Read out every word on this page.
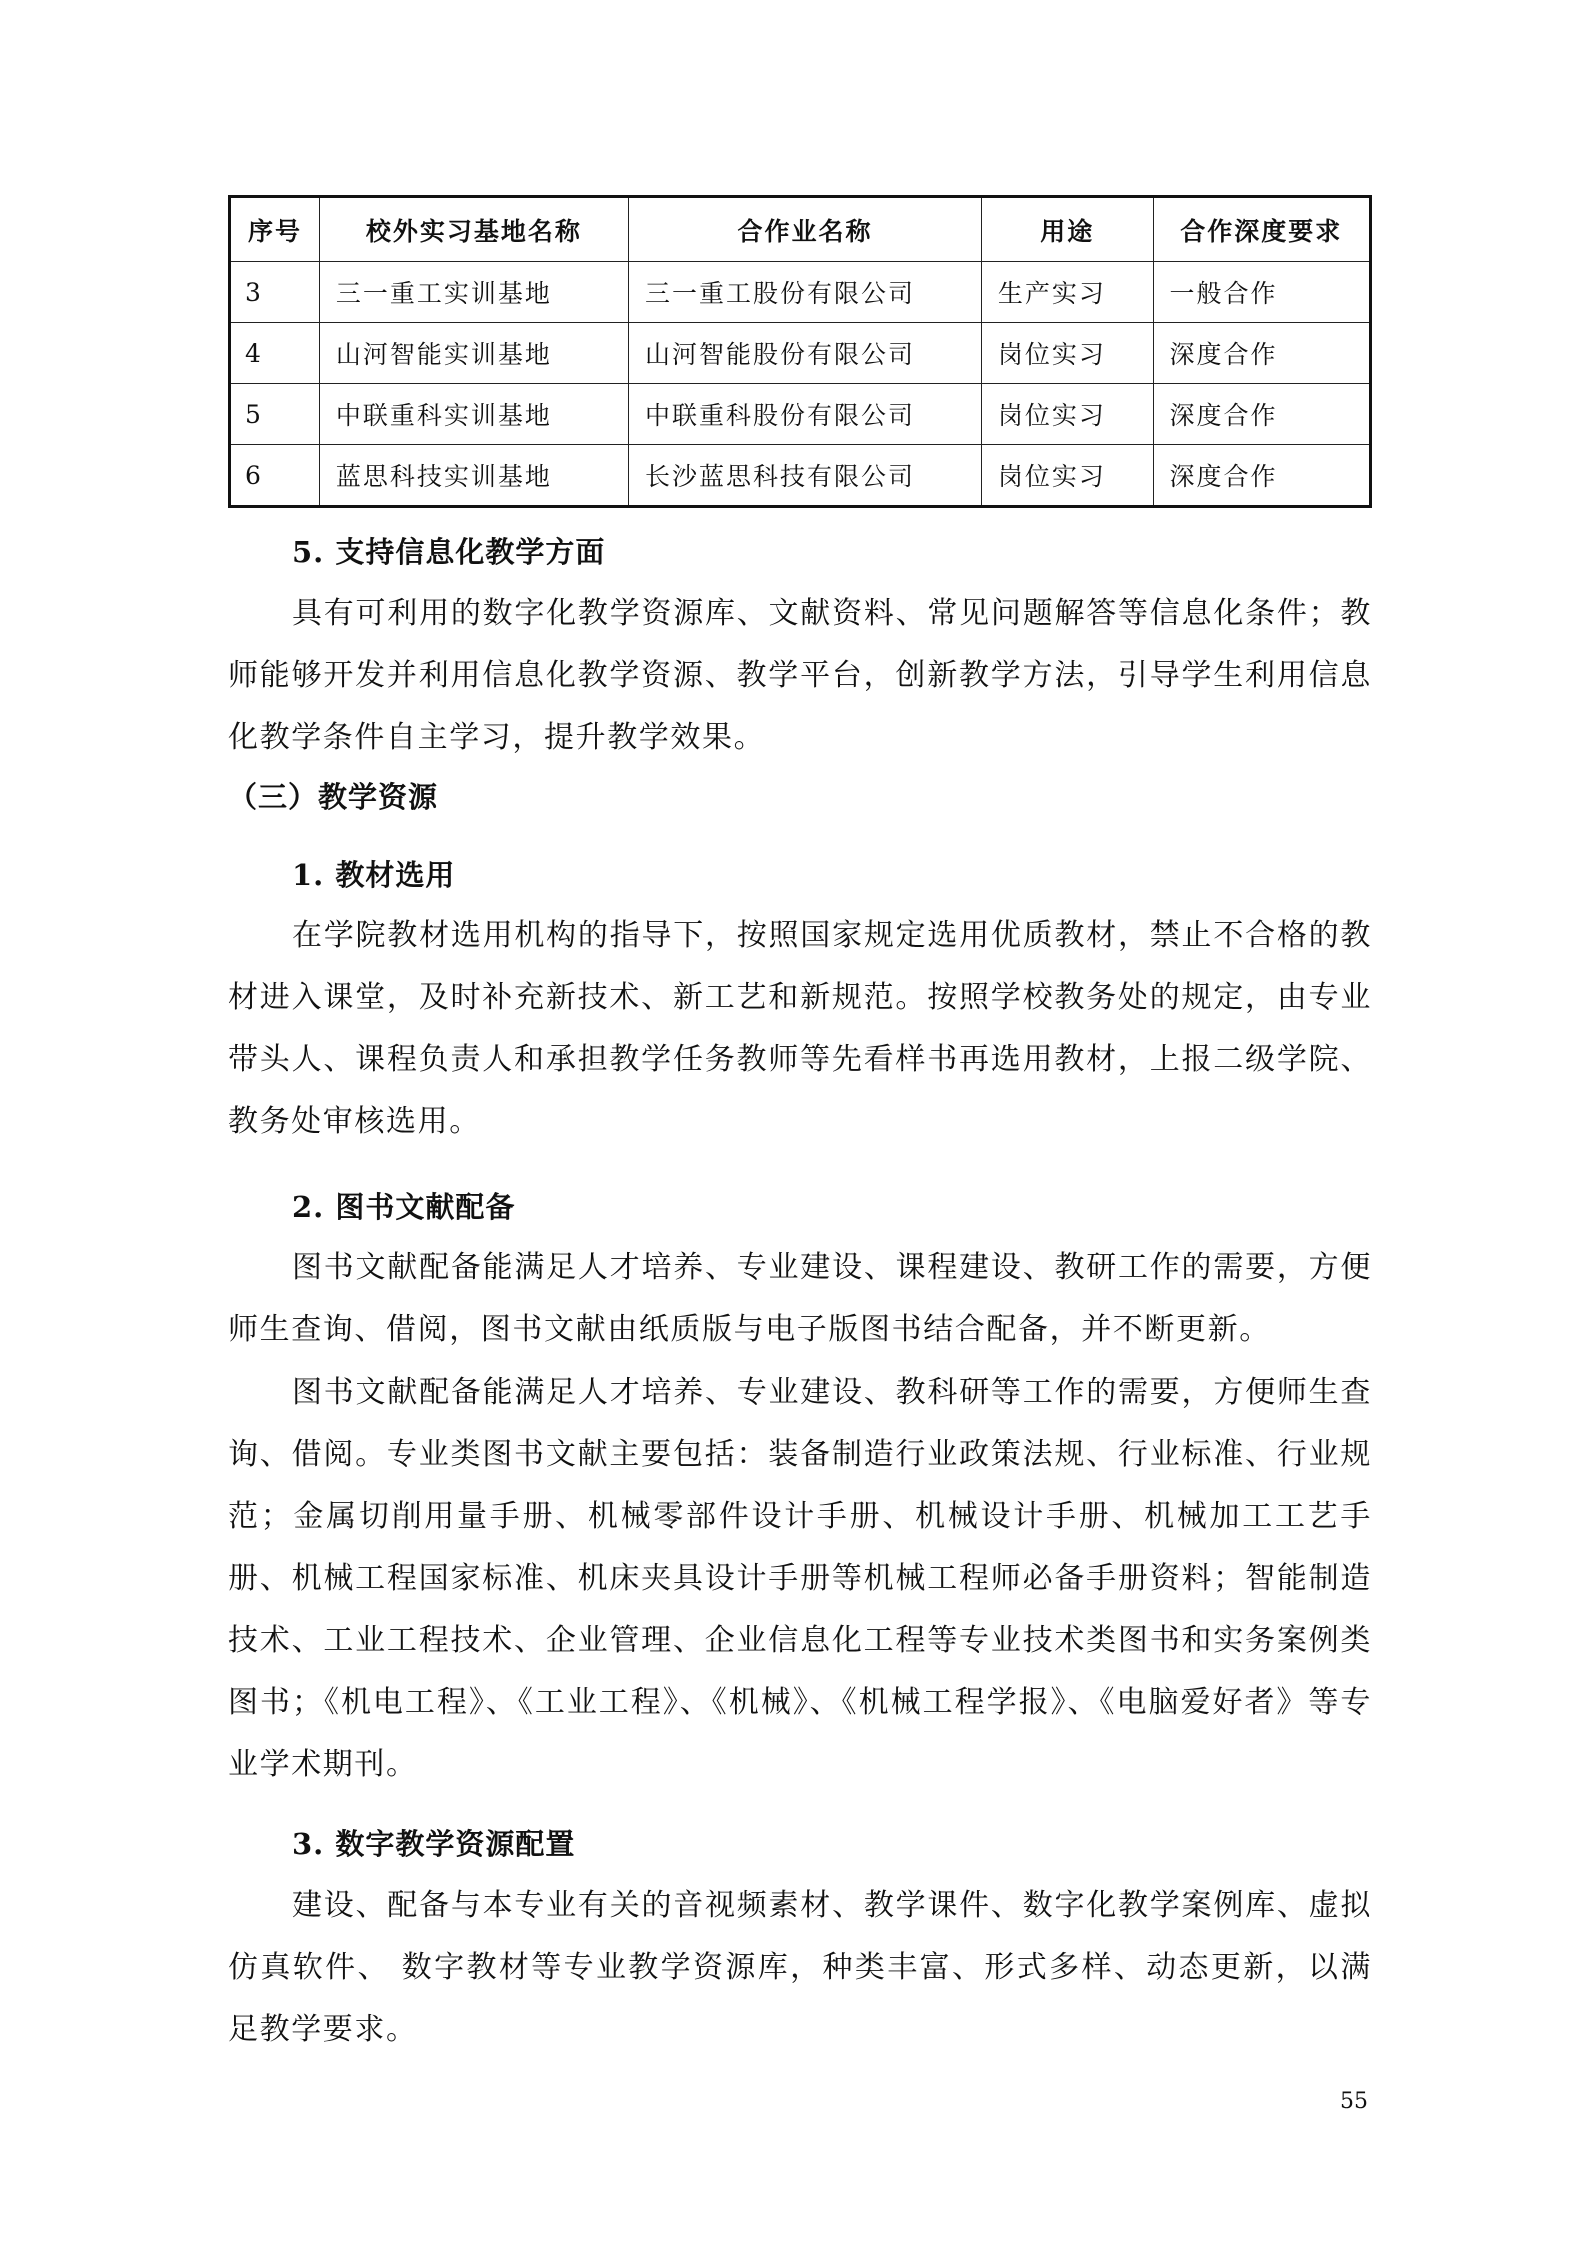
序号	校外实习基地名称	合作业名称	用途	合作深度要求
3	三一重工实训基地	三一重工股份有限公司	生产实习	一般合作
4	山河智能实训基地	山河智能股份有限公司	岗位实习	深度合作
5	中联重科实训基地	中联重科股份有限公司	岗位实习	深度合作
6	蓝思科技实训基地	长沙蓝思科技有限公司	岗位实习	深度合作
5. 支持信息化教学方面

具有可利用的数字化教学资源库、文献资料、常见问题解答等信息化条件；教师能够开发并利用信息化教学资源、教学平台，创新教学方法，引导学生利用信息化教学条件自主学习，提升教学效果。

（三）教学资源
1. 教材选用

在学院教材选用机构的指导下，按照国家规定选用优质教材，禁止不合格的教材进入课堂，及时补充新技术、新工艺和新规范。按照学校教务处的规定，由专业带头人、课程负责人和承担教学任务教师等先看样书再选用教材，上报二级学院、教务处审核选用。

2. 图书文献配备

图书文献配备能满足人才培养、专业建设、课程建设、教研工作的需要，方便师生查询、借阅，图书文献由纸质版与电子版图书结合配备，并不断更新。

图书文献配备能满足人才培养、专业建设、教科研等工作的需要，方便师生查询、借阅。专业类图书文献主要包括：装备制造行业政策法规、行业标准、行业规范；金属切削用量手册、机械零部件设计手册、机械设计手册、机械加工工艺手册、机械工程国家标准、机床夹具设计手册等机械工程师必备手册资料；智能制造技术、工业工程技术、企业管理、企业信息化工程等专业技术类图书和实务案例类图书；《机电工程》、《工业工程》、《机械》、《机械工程学报》、《电脑爱好者》等专业学术期刊。

3. 数字教学资源配置

建设、配备与本专业有关的音视频素材、教学课件、数字化教学案例库、虚拟仿真软件、 数字教材等专业教学资源库，种类丰富、形式多样、动态更新，以满足教学要求。

55
